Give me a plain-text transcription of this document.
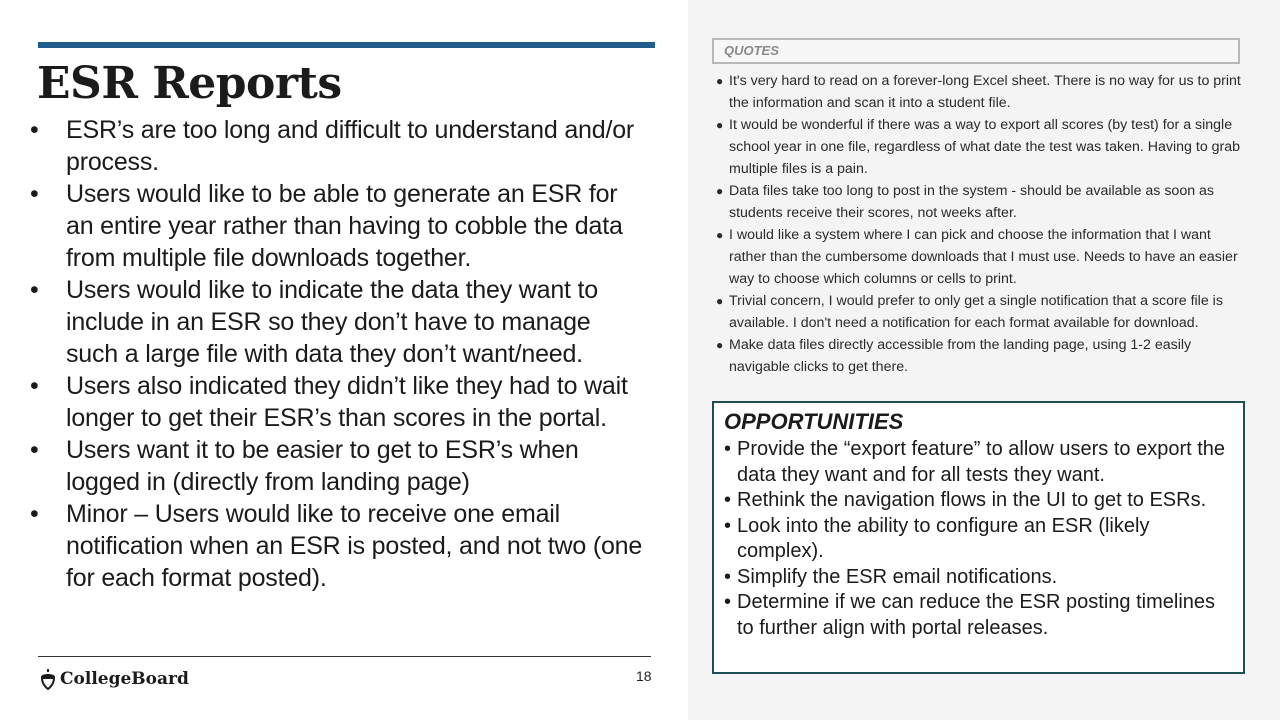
ESR Reports
•	ESR’s are too long and difficult to understand and/or process.
•	Users would like to be able to generate an ESR for an entire year rather than having to cobble the data from multiple file downloads together.
•	Users would like to indicate the data they want to include in an ESR so they don’t have to manage such a large file with data they don’t want/need.
•	Users also indicated they didn’t like they had to wait longer to get their ESR’s than scores in the portal.
•	Users want it to be easier to get to ESR’s when logged in (directly from landing page)
•	Minor – Users would like to receive one email notification when an ESR is posted, and not two (one for each format posted).
CollegeBoard	18
QUOTES
● It's very hard to read on a forever-long Excel sheet. There is no way for us to print the information and scan it into a student file.
● It would be wonderful if there was a way to export all scores (by test) for a single school year in one file, regardless of what date the test was taken. Having to grab multiple files is a pain.
● Data files take too long to post in the system - should be available as soon as students receive their scores, not weeks after.
● I would like a system where I can pick and choose the information that I want rather than the cumbersome downloads that I must use. Needs to have an easier way to choose which columns or cells to print.
● Trivial concern, I would prefer to only get a single notification that a score file is available. I don't need a notification for each format available for download.
● Make data files directly accessible from the landing page, using 1-2 easily navigable clicks to get there.
OPPORTUNITIES
• Provide the “export feature” to allow users to export the data they want and for all tests they want.
• Rethink the navigation flows in the UI to get to ESRs.
• Look into the ability to configure an ESR (likely complex).
• Simplify the ESR email notifications.
• Determine if we can reduce the ESR posting timelines to further align with portal releases.
